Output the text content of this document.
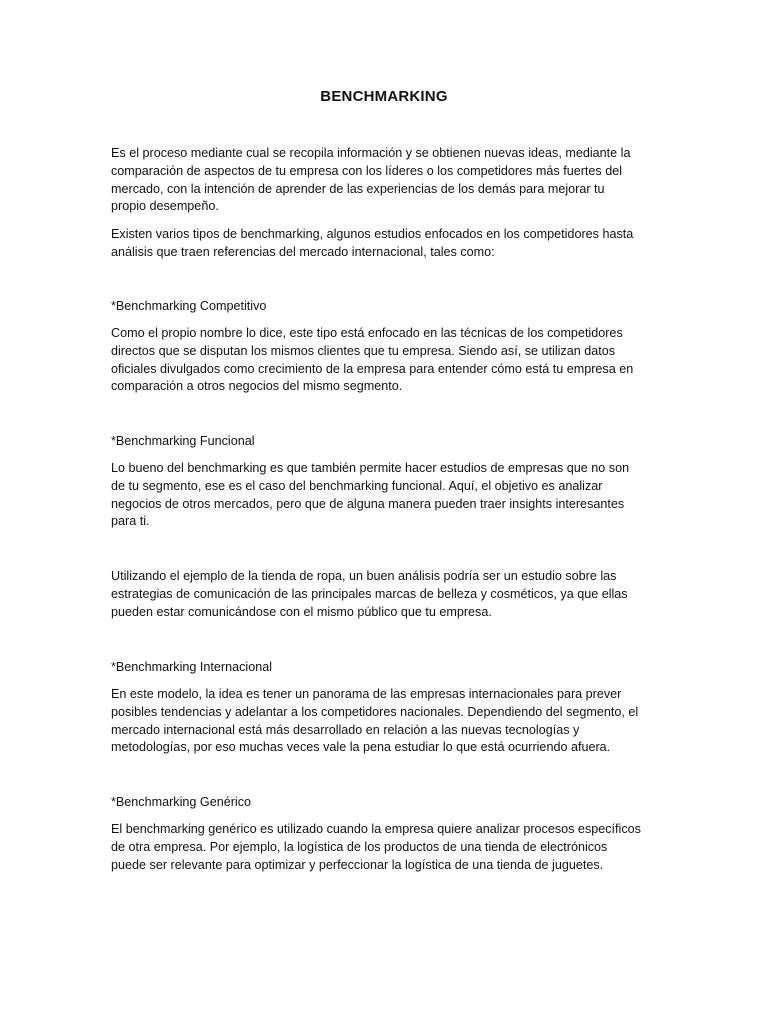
BENCHMARKING

Es el proceso mediante cual se recopila información y se obtienen nuevas ideas, mediante la
comparación de aspectos de tu empresa con los líderes o los competidores más fuertes del
mercado, con la intención de aprender de las experiencias de los demás para mejorar tu
propio desempeño.

Existen varios tipos de benchmarking, algunos estudios enfocados en los competidores hasta
análisis que traen referencias del mercado internacional, tales como:

*Benchmarking Competitivo

Como el propio nombre lo dice, este tipo está enfocado en las técnicas de los competidores
directos que se disputan los mismos clientes que tu empresa. Siendo así, se utilizan datos
oficiales divulgados como crecimiento de la empresa para entender cómo está tu empresa en
comparación a otros negocios del mismo segmento.

*Benchmarking Funcional

Lo bueno del benchmarking es que también permite hacer estudios de empresas que no son
de tu segmento, ese es el caso del benchmarking funcional. Aquí, el objetivo es analizar
negocios de otros mercados, pero que de alguna manera pueden traer insights interesantes
para ti.

Utilizando el ejemplo de la tienda de ropa, un buen análisis podría ser un estudio sobre las
estrategias de comunicación de las principales marcas de belleza y cosméticos, ya que ellas
pueden estar comunicándose con el mismo público que tu empresa.

*Benchmarking Internacional

En este modelo, la idea es tener un panorama de las empresas internacionales para prever
posibles tendencias y adelantar a los competidores nacionales. Dependiendo del segmento, el
mercado internacional está más desarrollado en relación a las nuevas tecnologías y
metodologías, por eso muchas veces vale la pena estudiar lo que está ocurriendo afuera.

*Benchmarking Genérico

El benchmarking genérico es utilizado cuando la empresa quiere analizar procesos específicos
de otra empresa. Por ejemplo, la logística de los productos de una tienda de electrónicos
puede ser relevante para optimizar y perfeccionar la logística de una tienda de juguetes.
